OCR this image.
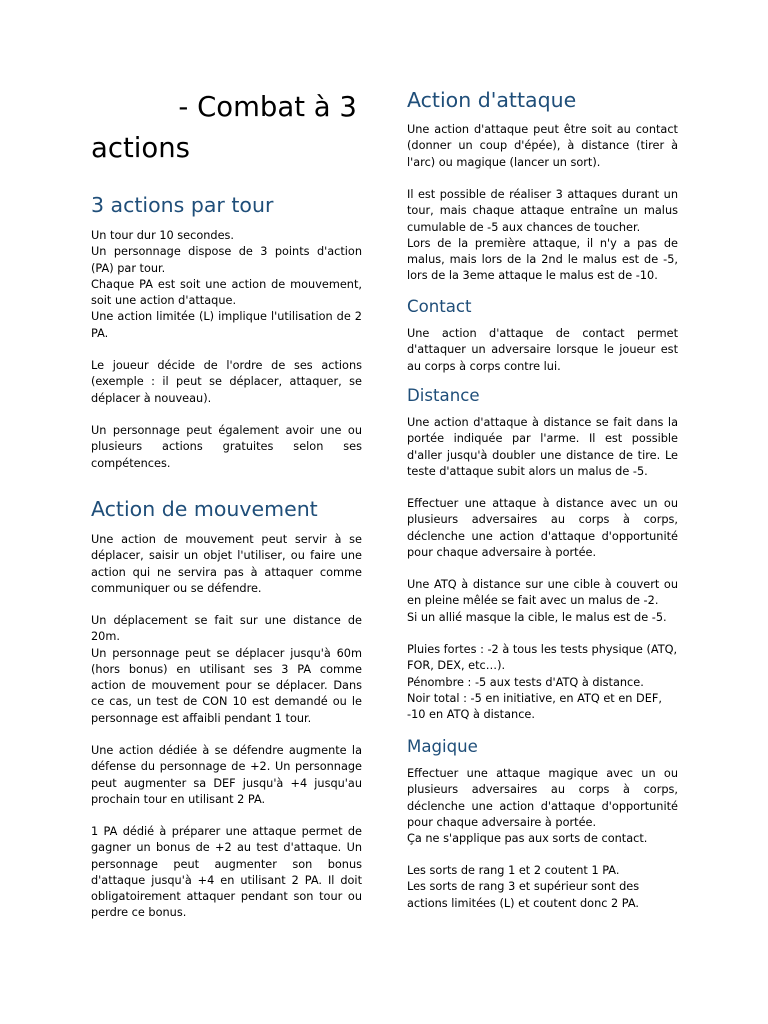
- Combat à 3
actions
3 actions par tour

Un tour dur 10 secondes.
Un personnage dispose de 3 points d'action (PA) par tour.
Chaque PA est soit une action de mouvement, soit une action d'attaque.
Une action limitée (L) implique l'utilisation de 2 PA.

Le joueur décide de l'ordre de ses actions (exemple : il peut se déplacer, attaquer, se déplacer à nouveau).

Un personnage peut également avoir une ou plusieurs actions gratuites selon ses compétences.

Action de mouvement

Une action de mouvement peut servir à se déplacer, saisir un objet l'utiliser, ou faire une action qui ne servira pas à attaquer comme communiquer ou se défendre.

Un déplacement se fait sur une distance de 20m.
Un personnage peut se déplacer jusqu'à 60m (hors bonus) en utilisant ses 3 PA comme action de mouvement pour se déplacer. Dans ce cas, un test de CON 10 est demandé ou le personnage est affaibli pendant 1 tour.

Une action dédiée à se défendre augmente la défense du personnage de +2. Un personnage peut augmenter sa DEF jusqu'à +4 jusqu'au prochain tour en utilisant 2 PA.

1 PA dédié à préparer une attaque permet de gagner un bonus de +2 au test d'attaque. Un personnage peut augmenter son bonus d'attaque jusqu'à +4 en utilisant 2 PA. Il doit obligatoirement attaquer pendant son tour ou perdre ce bonus.

Action d'attaque

Une action d'attaque peut être soit au contact (donner un coup d'épée), à distance (tirer à l'arc) ou magique (lancer un sort).

Il est possible de réaliser 3 attaques durant un tour, mais chaque attaque entraîne un malus cumulable de -5 aux chances de toucher.
Lors de la première attaque, il n'y a pas de malus, mais lors de la 2nd le malus est de -5, lors de la 3eme attaque le malus est de -10.

Contact

Une action d'attaque de contact permet d'attaquer un adversaire lorsque le joueur est au corps à corps contre lui.

Distance

Une action d'attaque à distance se fait dans la portée indiquée par l'arme. Il est possible d'aller jusqu'à doubler une distance de tire. Le teste d'attaque subit alors un malus de -5.

Effectuer une attaque à distance avec un ou plusieurs adversaires au corps à corps, déclenche une action d'attaque d'opportunité pour chaque adversaire à portée.

Une ATQ à distance sur une cible à couvert ou en pleine mêlée se fait avec un malus de -2.
Si un allié masque la cible, le malus est de -5.

Pluies fortes : -2 à tous les tests physique (ATQ, FOR, DEX, etc…).
Pénombre : -5 aux tests d'ATQ à distance.
Noir total : -5 en initiative, en ATQ et en DEF, -10 en ATQ à distance.

Magique

Effectuer une attaque magique avec un ou plusieurs adversaires au corps à corps, déclenche une action d'attaque d'opportunité pour chaque adversaire à portée.
Ça ne s'applique pas aux sorts de contact.

Les sorts de rang 1 et 2 coutent 1 PA.
Les sorts de rang 3 et supérieur sont des actions limitées (L) et coutent donc 2 PA.
